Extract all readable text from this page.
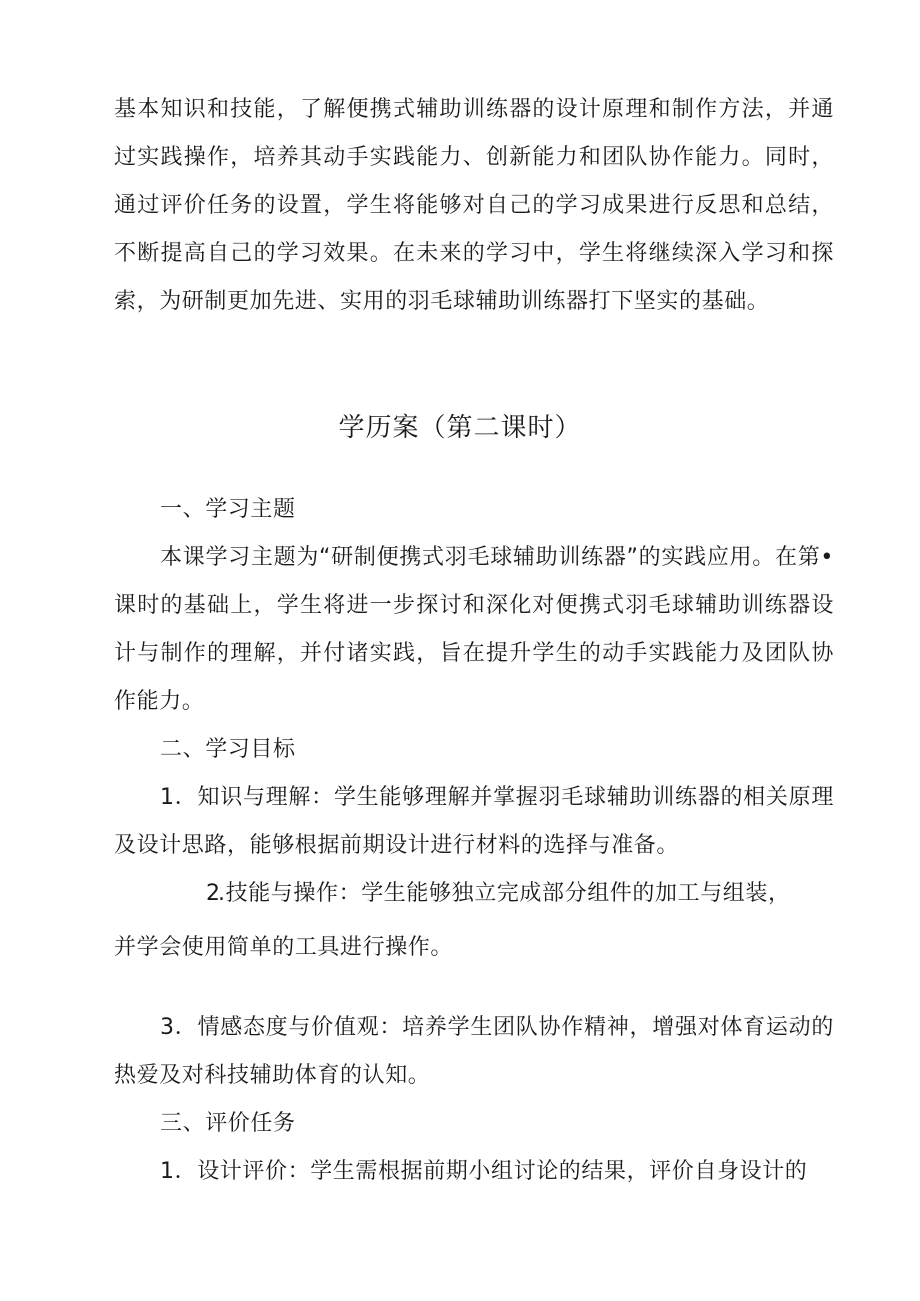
基本知识和技能，了解便携式辅助训练器的设计原理和制作方法，并通过实践操作，培养其动手实践能力、创新能力和团队协作能力。同时，通过评价任务的设置，学生将能够对自己的学习成果进行反思和总结，不断提高自己的学习效果。在未来的学习中，学生将继续深入学习和探索，为研制更加先进、实用的羽毛球辅助训练器打下坚实的基础。

学历案（第二课时）

一、学习主题

本课学习主题为“研制便携式羽毛球辅助训练器”的实践应用。在第•课时的基础上，学生将进一步探讨和深化对便携式羽毛球辅助训练器设计与制作的理解，并付诸实践，旨在提升学生的动手实践能力及团队协作能力。

二、学习目标

1．知识与理解：学生能够理解并掌握羽毛球辅助训练器的相关原理及设计思路，能够根据前期设计进行材料的选择与准备。

2.技能与操作：学生能够独立完成部分组件的加工与组装，

并学会使用简单的工具进行操作。

3．情感态度与价值观：培养学生团队协作精神，增强对体育运动的热爱及对科技辅助体育的认知。

三、评价任务

1．设计评价：学生需根据前期小组讨论的结果，评价自身设计的
